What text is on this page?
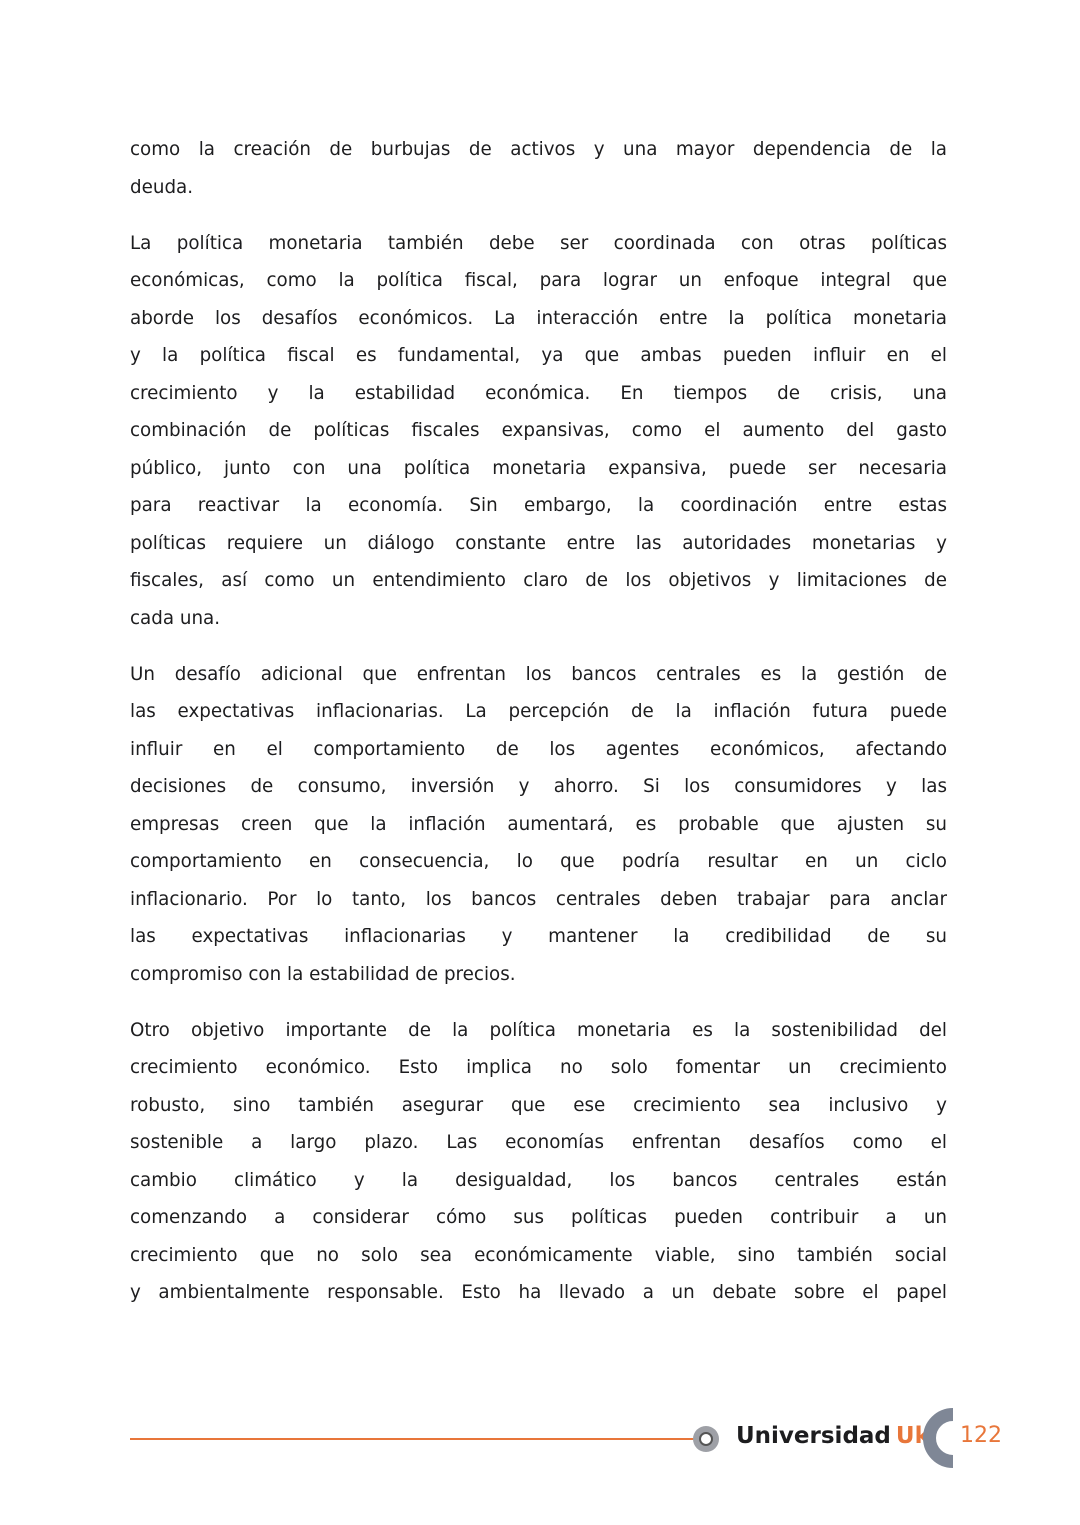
como la creación de burbujas de activos y una mayor dependencia de la
deuda.
La política monetaria también debe ser coordinada con otras políticas
económicas, como la política fiscal, para lograr un enfoque integral que
aborde los desafíos económicos. La interacción entre la política monetaria
y la política fiscal es fundamental, ya que ambas pueden influir en el
crecimiento y la estabilidad económica. En tiempos de crisis, una
combinación de políticas fiscales expansivas, como el aumento del gasto
público, junto con una política monetaria expansiva, puede ser necesaria
para reactivar la economía. Sin embargo, la coordinación entre estas
políticas requiere un diálogo constante entre las autoridades monetarias y
fiscales, así como un entendimiento claro de los objetivos y limitaciones de
cada una.
Un desafío adicional que enfrentan los bancos centrales es la gestión de
las expectativas inflacionarias. La percepción de la inflación futura puede
influir en el comportamiento de los agentes económicos, afectando
decisiones de consumo, inversión y ahorro. Si los consumidores y las
empresas creen que la inflación aumentará, es probable que ajusten su
comportamiento en consecuencia, lo que podría resultar en un ciclo
inflacionario. Por lo tanto, los bancos centrales deben trabajar para anclar
las expectativas inflacionarias y mantener la credibilidad de su
compromiso con la estabilidad de precios.
Otro objetivo importante de la política monetaria es la sostenibilidad del
crecimiento económico. Esto implica no solo fomentar un crecimiento
robusto, sino también asegurar que ese crecimiento sea inclusivo y
sostenible a largo plazo. Las economías enfrentan desafíos como el
cambio climático y la desigualdad, los bancos centrales están
comenzando a considerar cómo sus políticas pueden contribuir a un
crecimiento que no solo sea económicamente viable, sino también social
y ambientalmente responsable. Esto ha llevado a un debate sobre el papel
Universidad Uk 122
